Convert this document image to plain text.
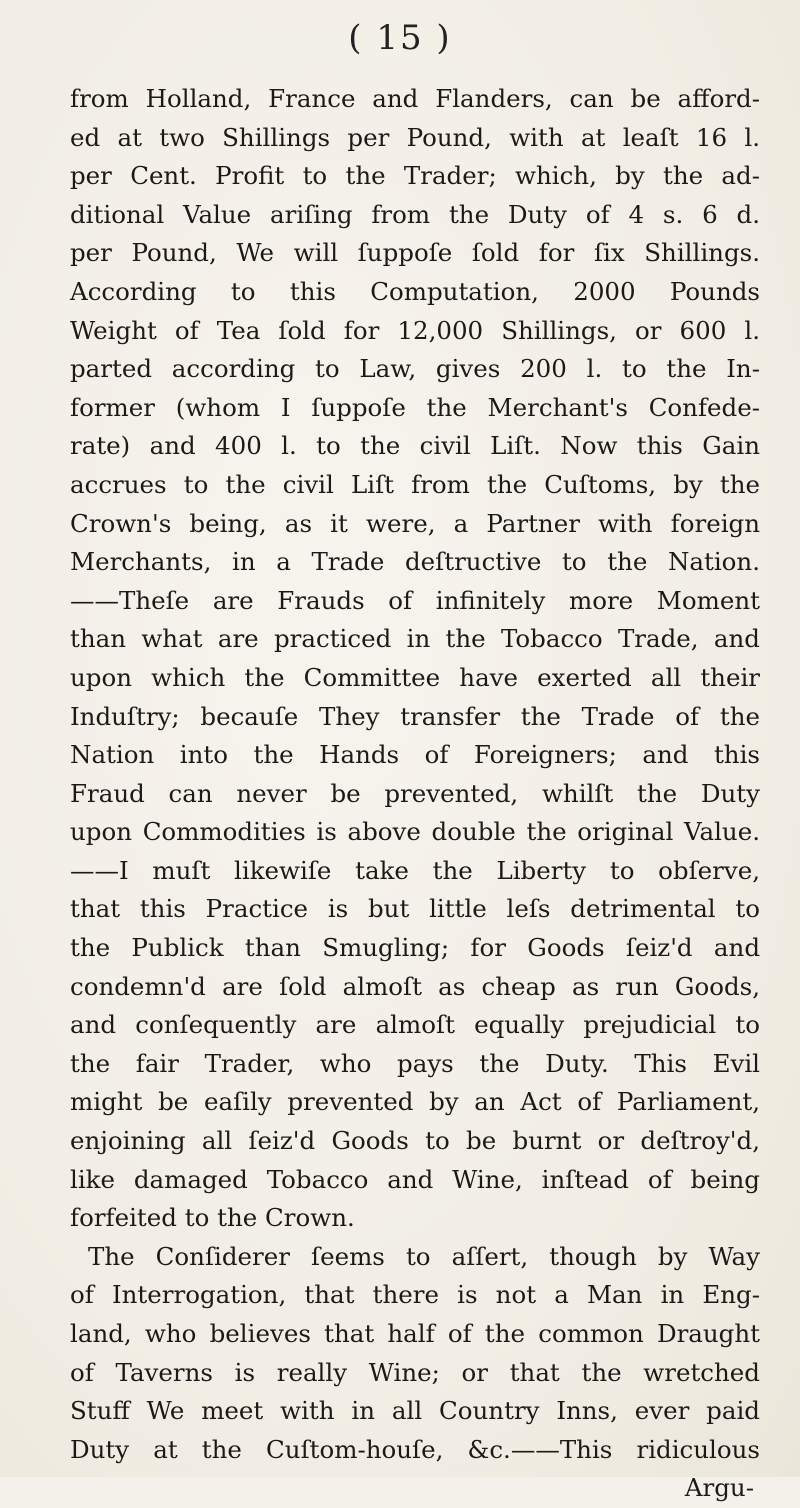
( 15 )
from Holland, France and Flanders, can be afford-
ed at two Shillings per Pound, with at leaſt 16 l.
per Cent. Profit to the Trader; which, by the ad-
ditional Value ariſing from the Duty of 4 s. 6 d.
per Pound, We will ſuppoſe ſold for ſix Shillings.
According to this Computation, 2000 Pounds
Weight of Tea ſold for 12,000 Shillings, or 600 l.
parted according to Law, gives 200 l. to the In-
former (whom I ſuppoſe the Merchant's Confede-
rate) and 400 l. to the civil Liſt. Now this Gain
accrues to the civil Liſt from the Cuſtoms, by the
Crown's being, as it were, a Partner with foreign
Merchants, in a Trade deſtructive to the Nation.
——Theſe are Frauds of infinitely more Moment
than what are practiced in the Tobacco Trade, and
upon which the Committee have exerted all their
Induſtry; becauſe They transfer the Trade of the
Nation into the Hands of Foreigners; and this
Fraud can never be prevented, whilſt the Duty
upon Commodities is above double the original Value.
——I muſt likewiſe take the Liberty to obſerve,
that this Practice is but little leſs detrimental to
the Publick than Smugling; for Goods ſeiz'd and
condemn'd are ſold almoſt as cheap as run Goods,
and conſequently are almoſt equally prejudicial to
the fair Trader, who pays the Duty. This Evil
might be eaſily prevented by an Act of Parliament,
enjoining all ſeiz'd Goods to be burnt or deſtroy'd,
like damaged Tobacco and Wine, inſtead of being
forfeited to the Crown.
The Conſiderer ſeems to aſſert, though by Way
of Interrogation, that there is not a Man in Eng-
land, who believes that half of the common Draught
of Taverns is really Wine; or that the wretched
Stuff We meet with in all Country Inns, ever paid
Duty at the Cuſtom-houſe, &c.——This ridiculous
Argu-
